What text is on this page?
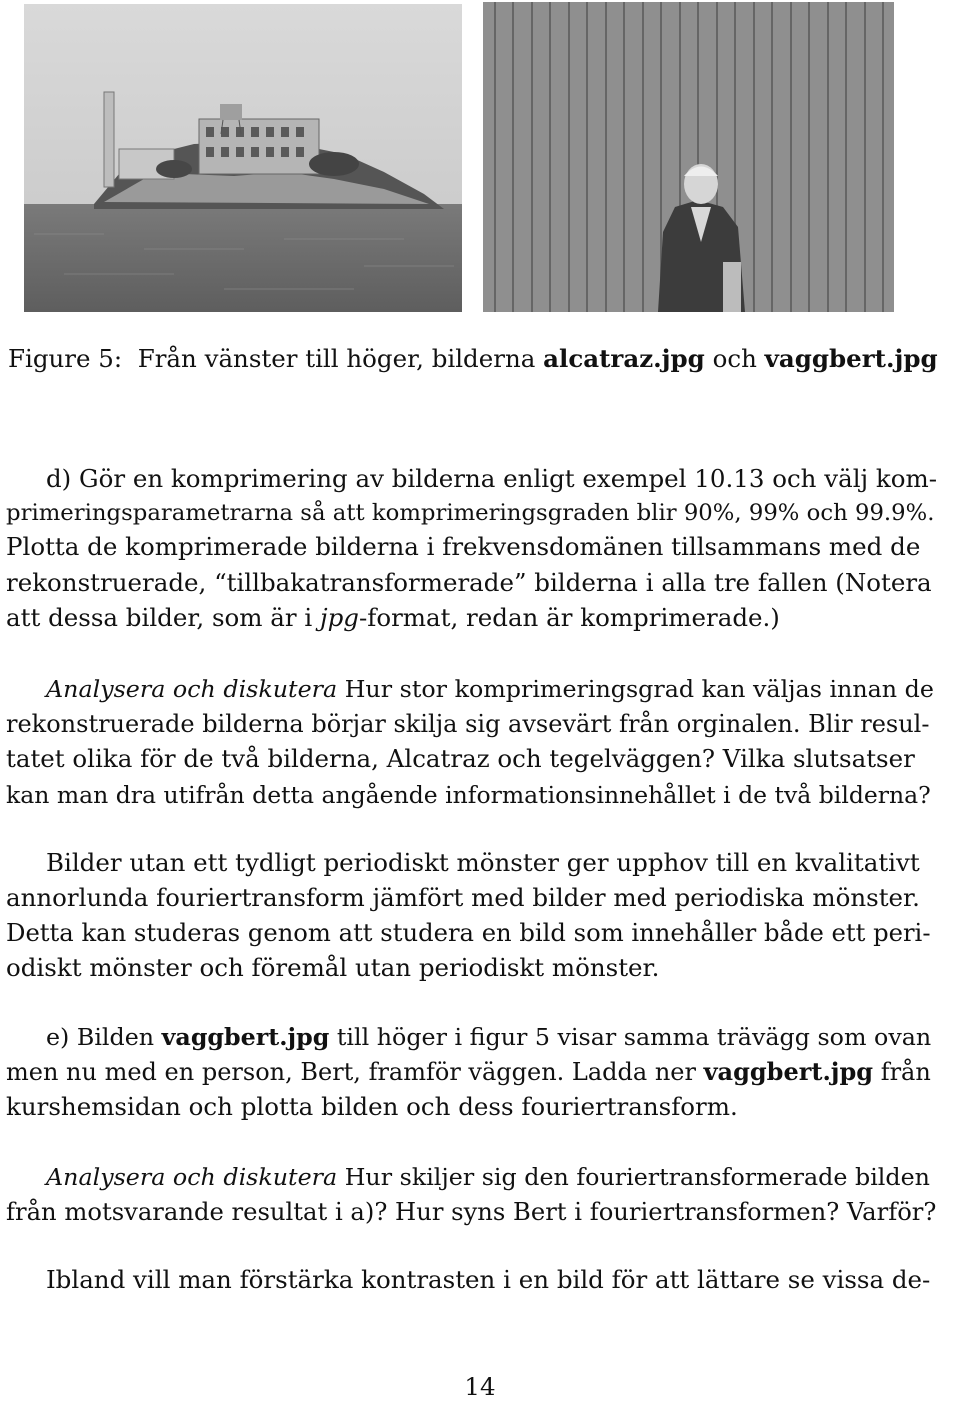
Figure 5: Från vänster till höger, bilderna alcatraz.jpg och vaggbert.jpg
d) Gör en komprimering av bilderna enligt exempel 10.13 och välj kom-
primeringsparametrarna så att komprimeringsgraden blir 90%, 99% och 99.9%.
Plotta de komprimerade bilderna i frekvensdomänen tillsammans med de
rekonstruerade, “tillbakatransformerade” bilderna i alla tre fallen (Notera
att dessa bilder, som är i jpg-format, redan är komprimerade.)
Analysera och diskutera Hur stor komprimeringsgrad kan väljas innan de
rekonstruerade bilderna börjar skilja sig avsevärt från orginalen. Blir resul-
tatet olika för de två bilderna, Alcatraz och tegelväggen? Vilka slutsatser
kan man dra utifrån detta angående informationsinnehållet i de två bilderna?
Bilder utan ett tydligt periodiskt mönster ger upphov till en kvalitativt
annorlunda fouriertransform jämfört med bilder med periodiska mönster.
Detta kan studeras genom att studera en bild som innehåller både ett peri-
odiskt mönster och föremål utan periodiskt mönster.
e) Bilden vaggbert.jpg till höger i figur 5 visar samma trävägg som ovan
men nu med en person, Bert, framför väggen. Ladda ner vaggbert.jpg från
kurshemsidan och plotta bilden och dess fouriertransform.
Analysera och diskutera Hur skiljer sig den fouriertransformerade bilden
från motsvarande resultat i a)? Hur syns Bert i fouriertransformen? Varför?
Ibland vill man förstärka kontrasten i en bild för att lättare se vissa de-
14
